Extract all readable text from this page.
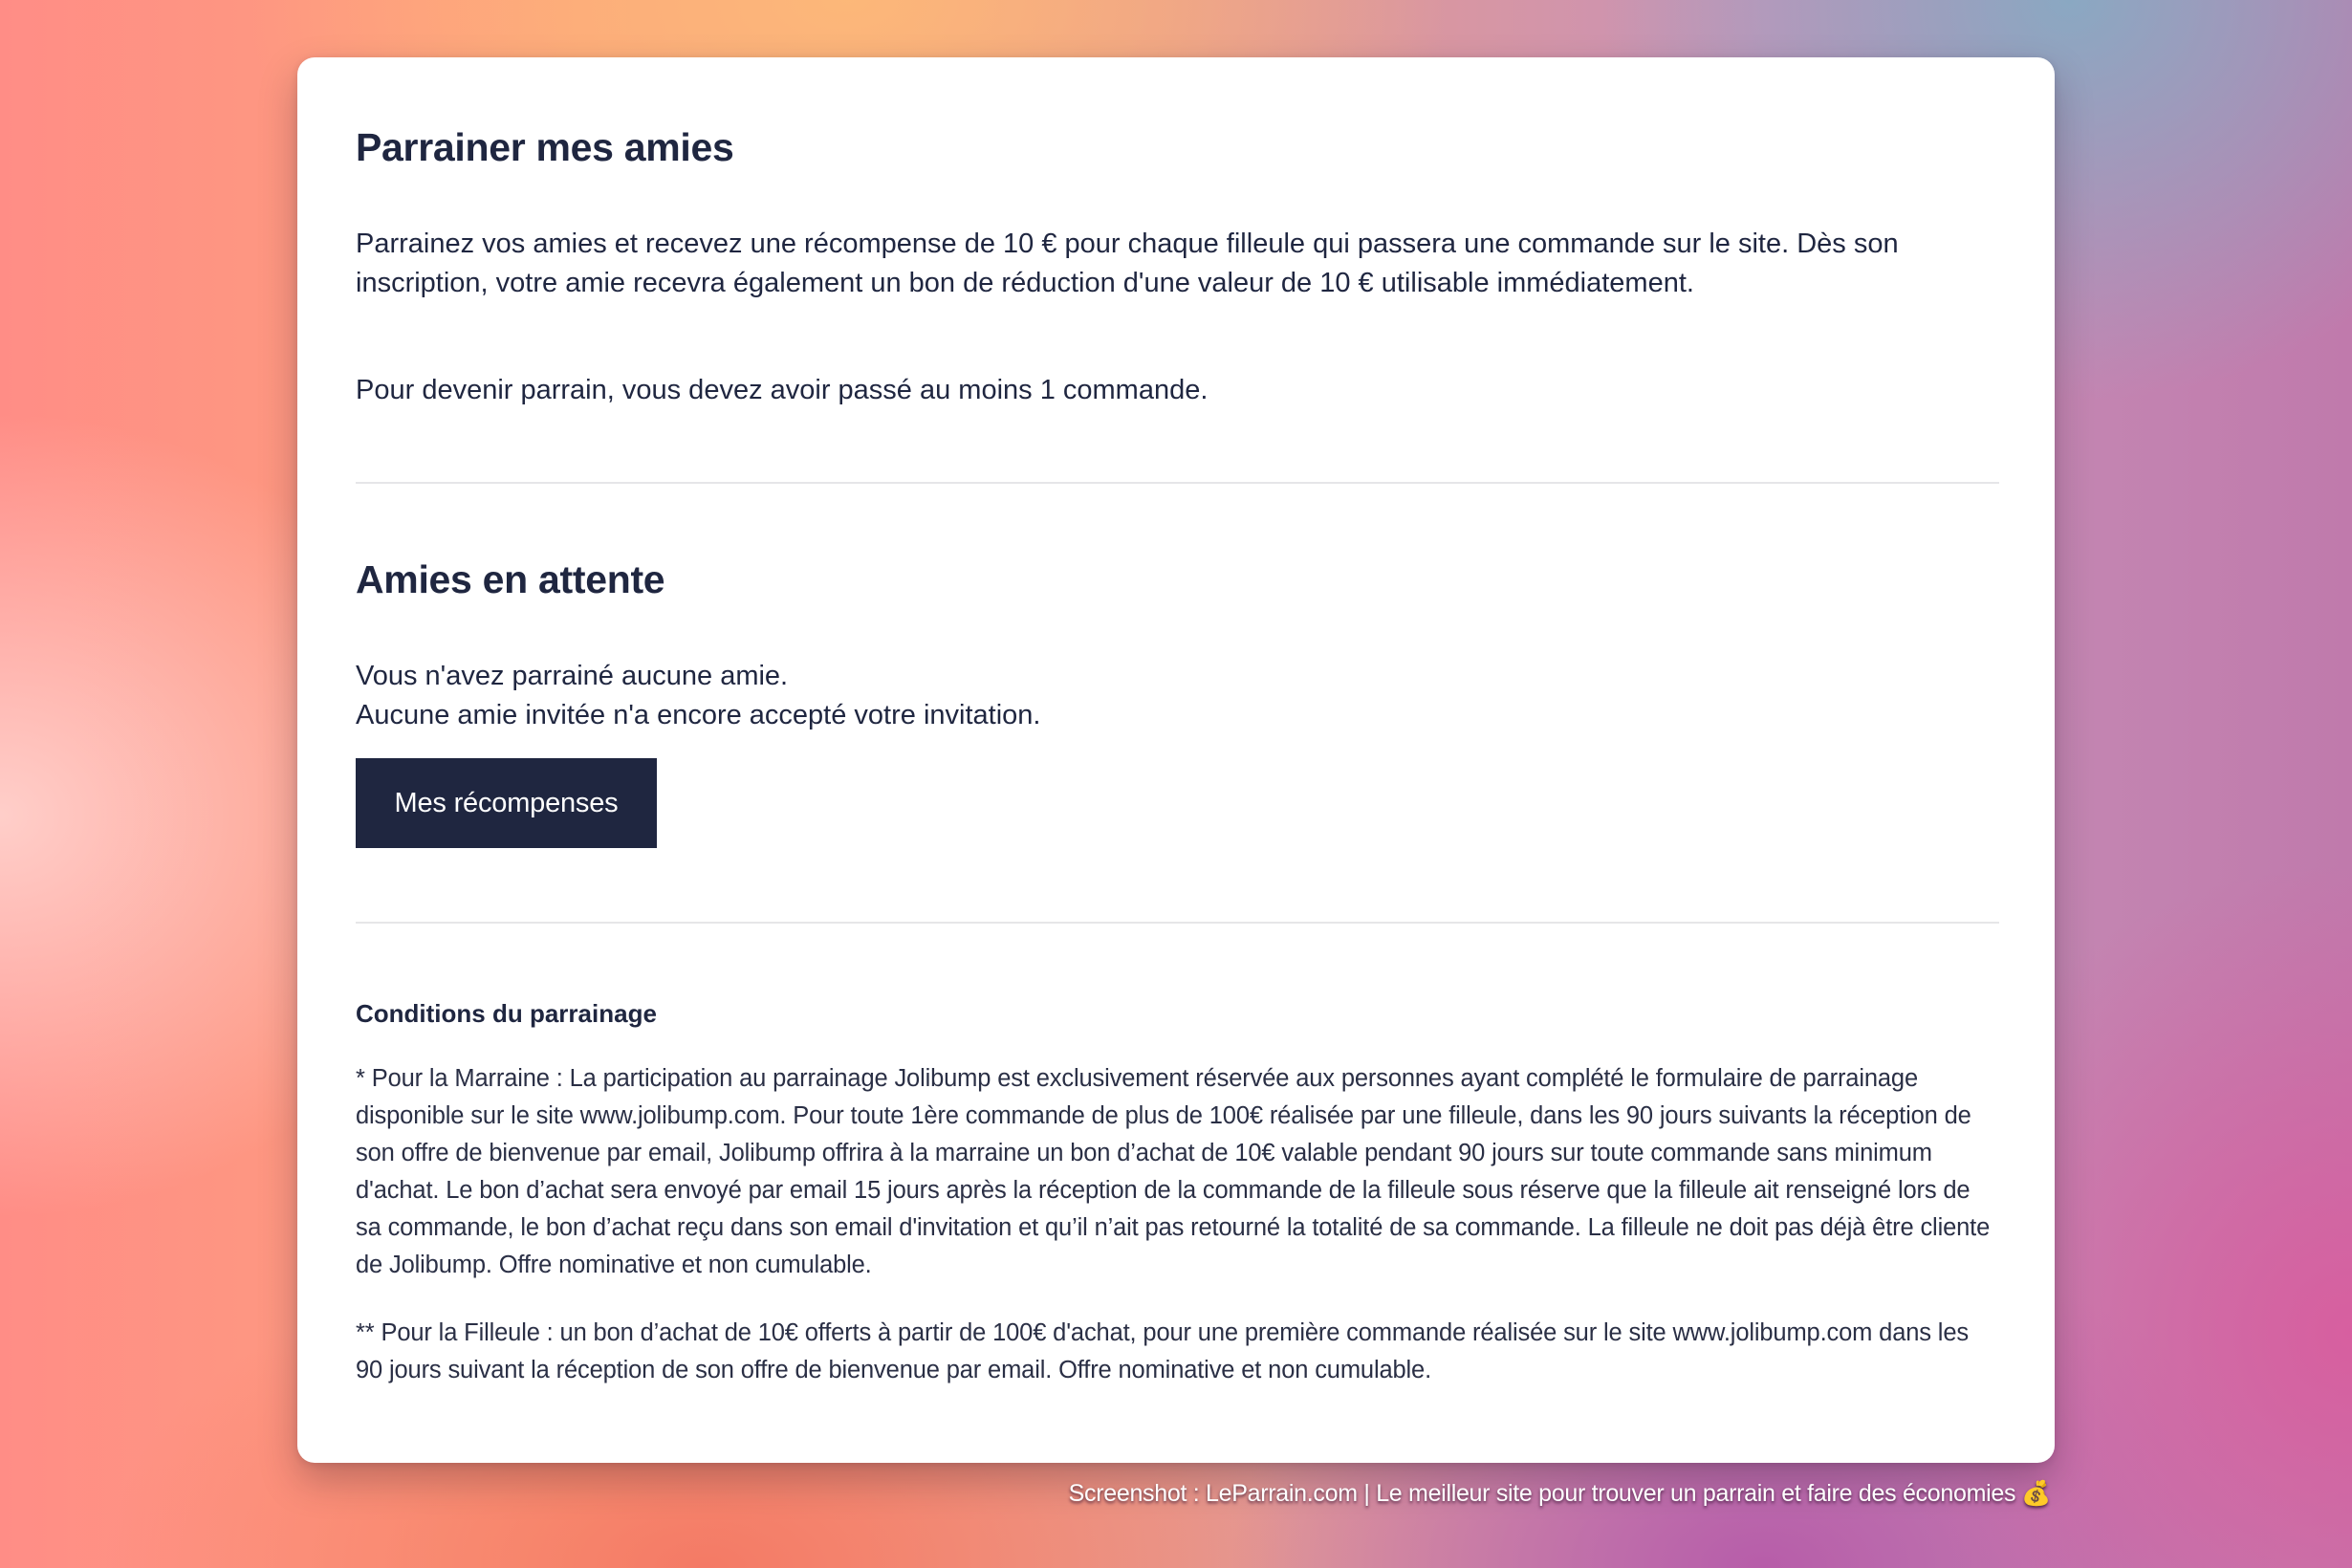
Parrainer mes amies

Parrainez vos amies et recevez une récompense de 10 € pour chaque filleule qui passera une commande sur le site. Dès son inscription, votre amie recevra également un bon de réduction d'une valeur de 10 € utilisable immédiatement.

Pour devenir parrain, vous devez avoir passé au moins 1 commande.

Amies en attente
Vous n'avez parrainé aucune amie.
Aucune amie invitée n'a encore accepté votre invitation.
Mes récompenses
Conditions du parrainage

* Pour la Marraine : La participation au parrainage Jolibump est exclusivement réservée aux personnes ayant complété le formulaire de parrainage disponible sur le site www.jolibump.com. Pour toute 1ère commande de plus de 100€ réalisée par une filleule, dans les 90 jours suivants la réception de son offre de bienvenue par email, Jolibump offrira à la marraine un bon d’achat de 10€ valable pendant 90 jours sur toute commande sans minimum d'achat. Le bon d’achat sera envoyé par email 15 jours après la réception de la commande de la filleule sous réserve que la filleule ait renseigné lors de sa commande, le bon d’achat reçu dans son email d'invitation et qu’il n’ait pas retourné la totalité de sa commande. La filleule ne doit pas déjà être cliente de Jolibump. Offre nominative et non cumulable.

** Pour la Filleule : un bon d’achat de 10€ offerts à partir de 100€ d'achat, pour une première commande réalisée sur le site www.jolibump.com dans les 90 jours suivant la réception de son offre de bienvenue par email. Offre nominative et non cumulable.

Screenshot : LeParrain.com | Le meilleur site pour trouver un parrain et faire des économies 💰
